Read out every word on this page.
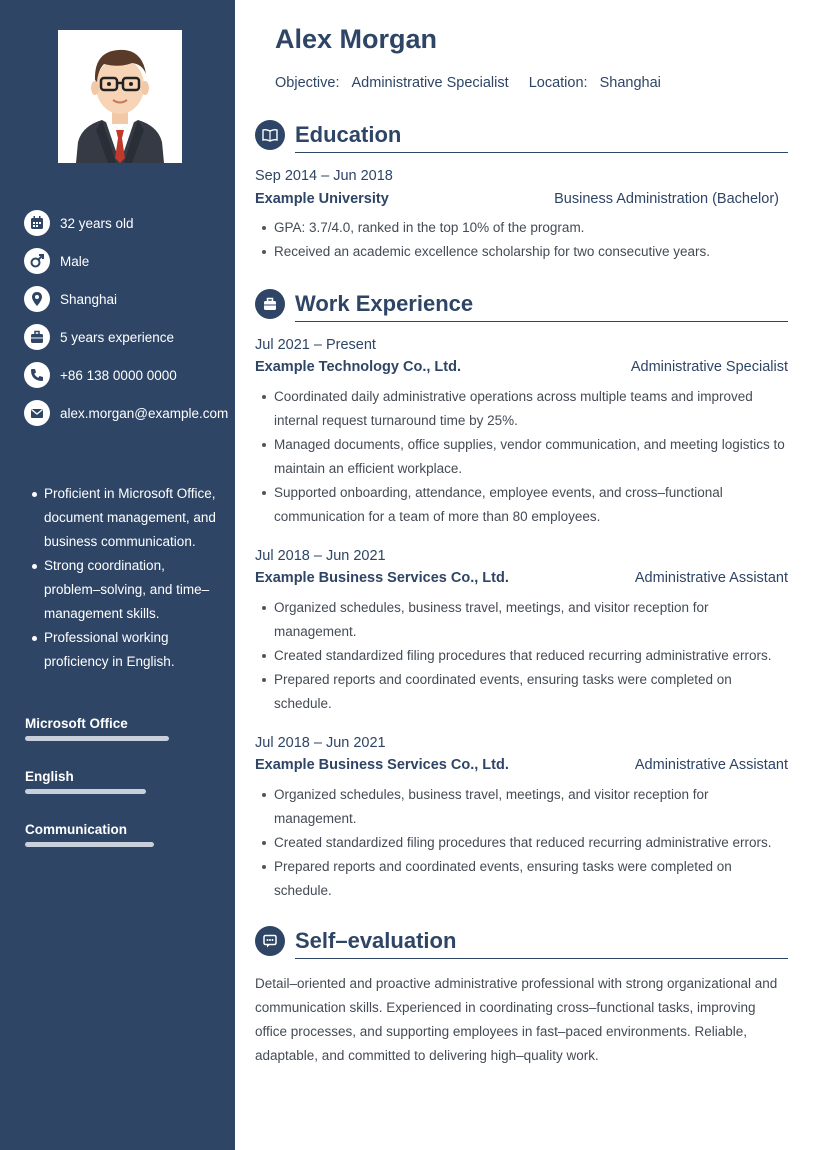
32 years old
Male
Shanghai
5 years experience
+86 138 0000 0000
alex.morgan@example.com
Proficient in Microsoft Office, document management, and business communication.
Strong coordination, problem–solving, and time–management skills.
Professional working proficiency in English.
Microsoft Office
English
Communication
Alex Morgan
Objective: Administrative Specialist Location: Shanghai
Education
Sep 2014 – Jun 2018
Example University	Business Administration (Bachelor)
GPA: 3.7/4.0, ranked in the top 10% of the program.
Received an academic excellence scholarship for two consecutive years.
Work Experience
Jul 2021 – Present
Example Technology Co., Ltd.	Administrative Specialist
Coordinated daily administrative operations across multiple teams and improved internal request turnaround time by 25%.
Managed documents, office supplies, vendor communication, and meeting logistics to maintain an efficient workplace.
Supported onboarding, attendance, employee events, and cross–functional communication for a team of more than 80 employees.
Jul 2018 – Jun 2021
Example Business Services Co., Ltd.	Administrative Assistant
Organized schedules, business travel, meetings, and visitor reception for management.
Created standardized filing procedures that reduced recurring administrative errors.
Prepared reports and coordinated events, ensuring tasks were completed on schedule.
Jul 2018 – Jun 2021
Example Business Services Co., Ltd.	Administrative Assistant
Organized schedules, business travel, meetings, and visitor reception for management.
Created standardized filing procedures that reduced recurring administrative errors.
Prepared reports and coordinated events, ensuring tasks were completed on schedule.
Self–evaluation
Detail–oriented and proactive administrative professional with strong organizational and communication skills. Experienced in coordinating cross–functional tasks, improving office processes, and supporting employees in fast–paced environments. Reliable, adaptable, and committed to delivering high–quality work.
